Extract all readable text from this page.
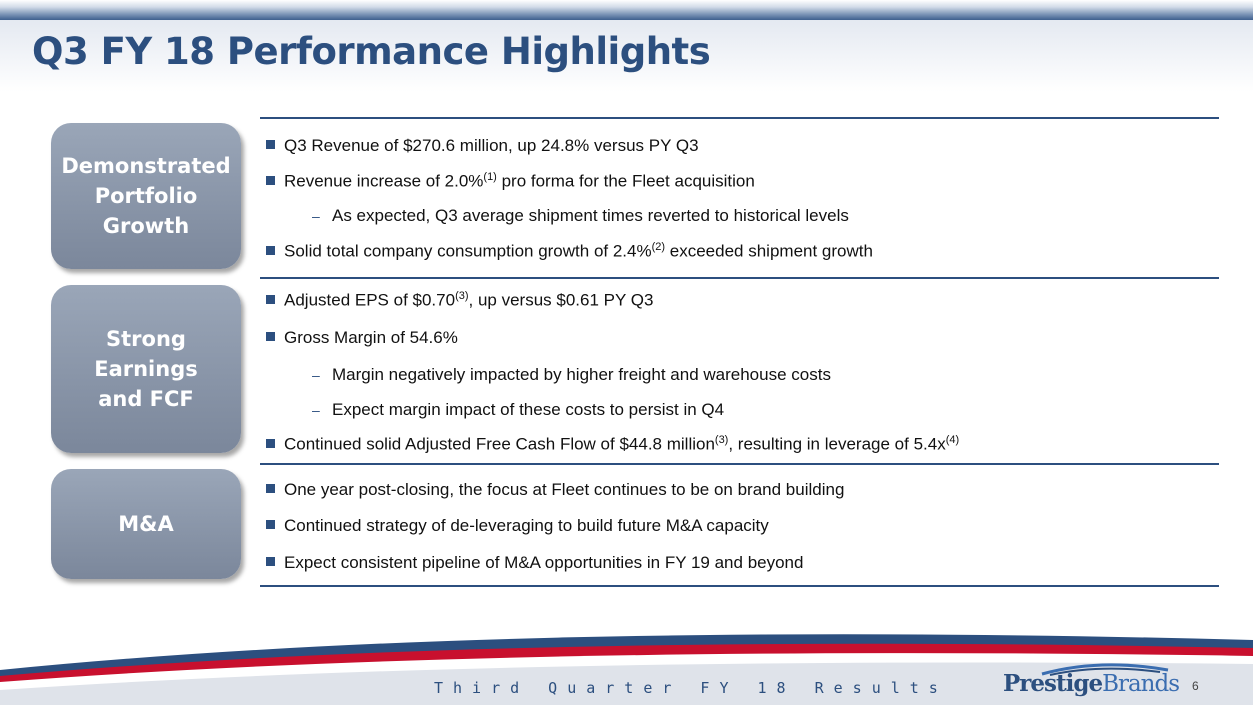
Q3 FY 18 Performance Highlights
Demonstrated
Portfolio
Growth
Q3 Revenue of $270.6 million, up 24.8% versus PY Q3
Revenue increase of 2.0%$^{(1)}$ pro forma for the Fleet acquisition
– As expected, Q3 average shipment times reverted to historical levels
Solid total company consumption growth of 2.4%$^{(2)}$ exceeded shipment growth
Strong
Earnings
and FCF
Adjusted EPS of $0.70$^{(3)}$, up versus $0.61 PY Q3
Gross Margin of 54.6%
– Margin negatively impacted by higher freight and warehouse costs
– Expect margin impact of these costs to persist in Q4
Continued solid Adjusted Free Cash Flow of $44.8 million$^{(3)}$, resulting in leverage of $5.4x^{(4)}$
M&A
One year post-closing, the focus at Fleet continues to be on brand building
Continued strategy of de-leveraging to build future M&A capacity
Expect consistent pipeline of M&A opportunities in FY 19 and beyond
Third Quarter FY 18 Results PrestigeBrands 6
